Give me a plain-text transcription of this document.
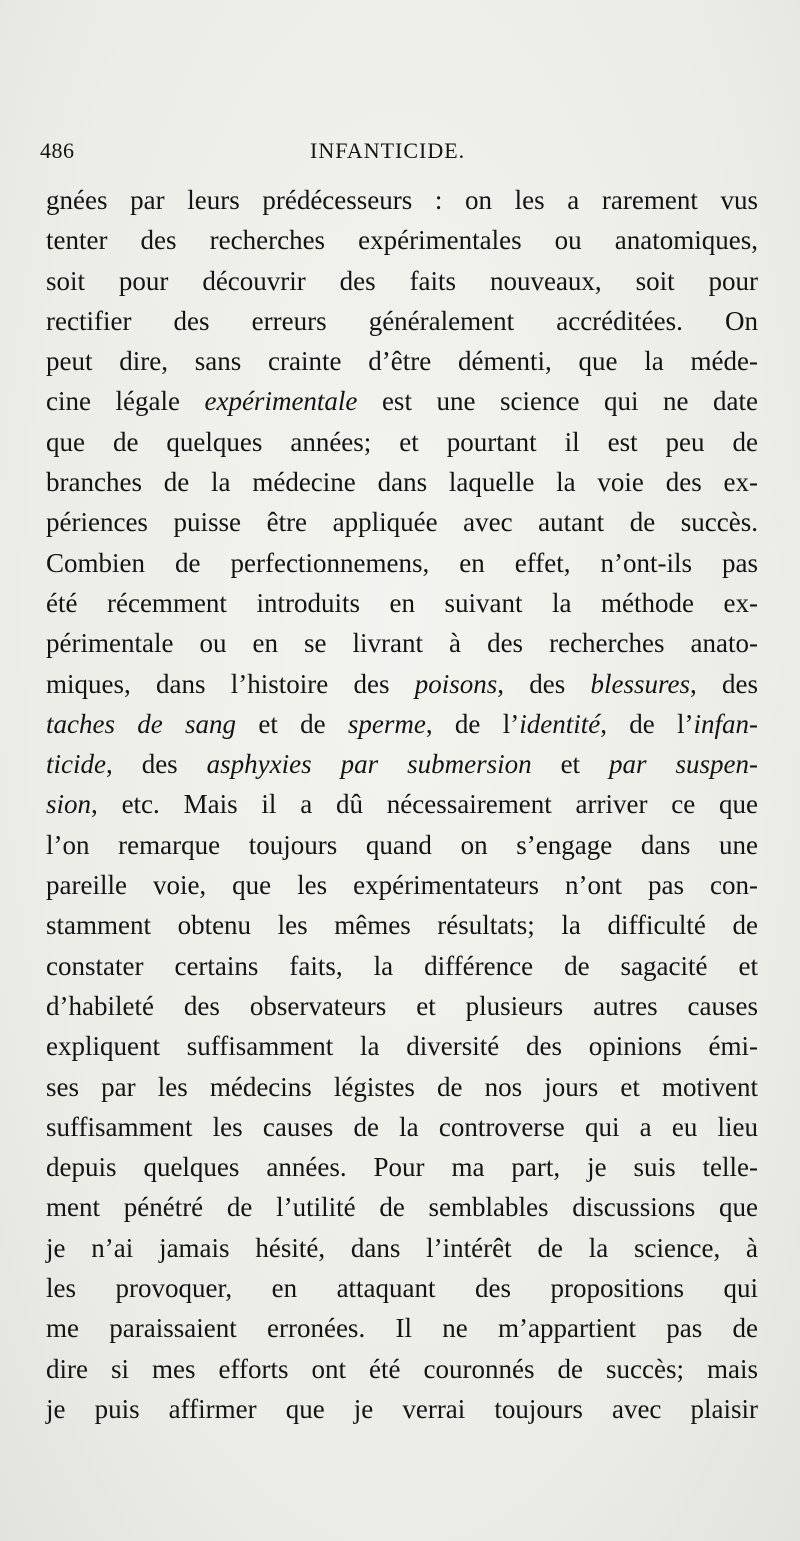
486	INFANTICIDE.
gnées par leurs prédécesseurs : on les a rarement vus
tenter des recherches expérimentales ou anatomiques,
soit pour découvrir des faits nouveaux, soit pour
rectifier des erreurs généralement accréditées. On
peut dire, sans crainte d’être démenti, que la méde-
cine légale expérimentale est une science qui ne date
que de quelques années; et pourtant il est peu de
branches de la médecine dans laquelle la voie des ex-
périences puisse être appliquée avec autant de succès.
Combien de perfectionnemens, en effet, n’ont-ils pas
été récemment introduits en suivant la méthode ex-
périmentale ou en se livrant à des recherches anato-
miques, dans l’histoire des poisons, des blessures, des
taches de sang et de sperme, de l’identité, de l’infan-
ticide, des asphyxies par submersion et par suspen-
sion, etc. Mais il a dû nécessairement arriver ce que
l’on remarque toujours quand on s’engage dans une
pareille voie, que les expérimentateurs n’ont pas con-
stamment obtenu les mêmes résultats; la difficulté de
constater certains faits, la différence de sagacité et
d’habileté des observateurs et plusieurs autres causes
expliquent suffisamment la diversité des opinions émi-
ses par les médecins légistes de nos jours et motivent
suffisamment les causes de la controverse qui a eu lieu
depuis quelques années. Pour ma part, je suis telle-
ment pénétré de l’utilité de semblables discussions que
je n’ai jamais hésité, dans l’intérêt de la science, à
les provoquer, en attaquant des propositions qui
me paraissaient erronées. Il ne m’appartient pas de
dire si mes efforts ont été couronnés de succès; mais
je puis affirmer que je verrai toujours avec plaisir
